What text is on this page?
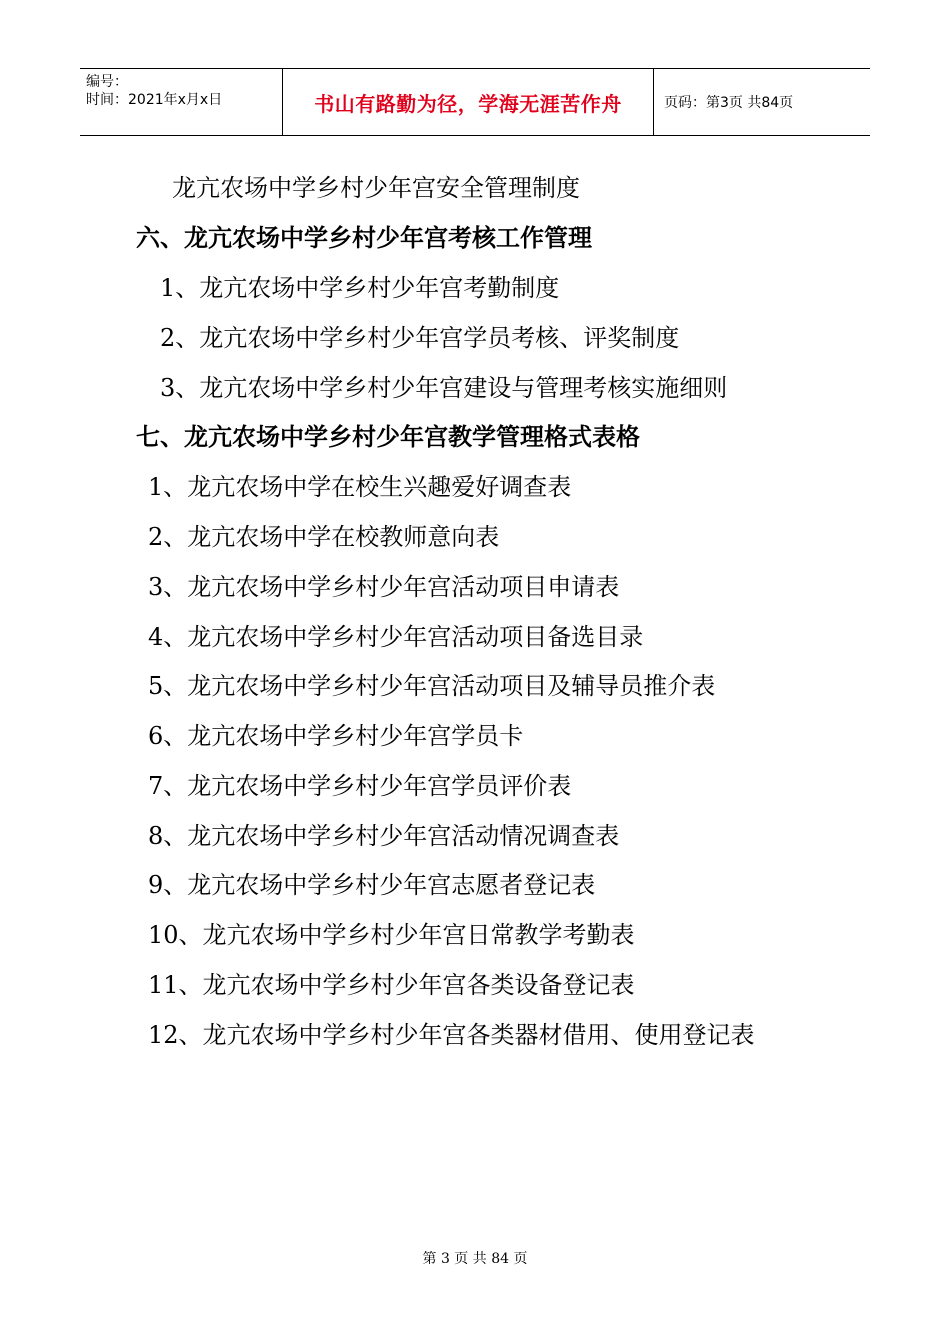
编号：
时间：2021年x月x日	书山有路勤为径，学海无涯苦作舟	页码：第3页 共84页
龙亢农场中学乡村少年宫安全管理制度
六、龙亢农场中学乡村少年宫考核工作管理
1、龙亢农场中学乡村少年宫考勤制度
2、龙亢农场中学乡村少年宫学员考核、评奖制度
3、龙亢农场中学乡村少年宫建设与管理考核实施细则
七、龙亢农场中学乡村少年宫教学管理格式表格
1、龙亢农场中学在校生兴趣爱好调查表
2、龙亢农场中学在校教师意向表
3、龙亢农场中学乡村少年宫活动项目申请表
4、龙亢农场中学乡村少年宫活动项目备选目录
5、龙亢农场中学乡村少年宫活动项目及辅导员推介表
6、龙亢农场中学乡村少年宫学员卡
7、龙亢农场中学乡村少年宫学员评价表
8、龙亢农场中学乡村少年宫活动情况调查表
9、龙亢农场中学乡村少年宫志愿者登记表
10、龙亢农场中学乡村少年宫日常教学考勤表
11、龙亢农场中学乡村少年宫各类设备登记表
12、龙亢农场中学乡村少年宫各类器材借用、使用登记表
第 3 页 共 84 页
